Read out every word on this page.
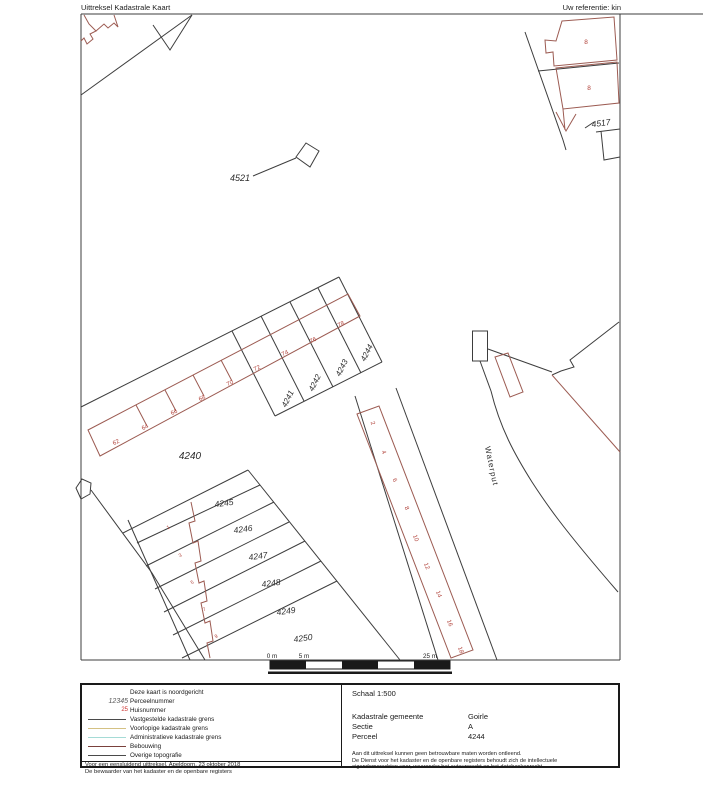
Uittreksel Kadastrale Kaart	Uw referentie: kin
4521
4517
4240
4241
4242
4243
4244
4245
4246
4247
4248
4249
4250
Waterput
8
8
62
64
66
68
70
72
74
76
78
2
4
6
8
10
12
14
16
18
1
3
5
7
9
0 m	5 m	25 m
Deze kaart is noordgericht
12345 Perceelnummer
25 Huisnummer
Vastgestelde kadastrale grens
Voorlopige kadastrale grens
Administratieve kadastrale grens
Bebouwing
Overige topografie
Voor een eensluidend uittreksel, Apeldoorn, 23 oktober 2018
De bewaarder van het kadaster en de openbare registers
Schaal 1:500
Kadastrale gemeente	Goirle
Sectie	A
Perceel	4244
Aan dit uittreksel kunnen geen betrouwbare maten worden ontleend.
De Dienst voor het kadaster en de openbare registers behoudt zich de intellectuele
eigendomsrechten voor, waaronder het auteursrecht en het databankenrecht.
